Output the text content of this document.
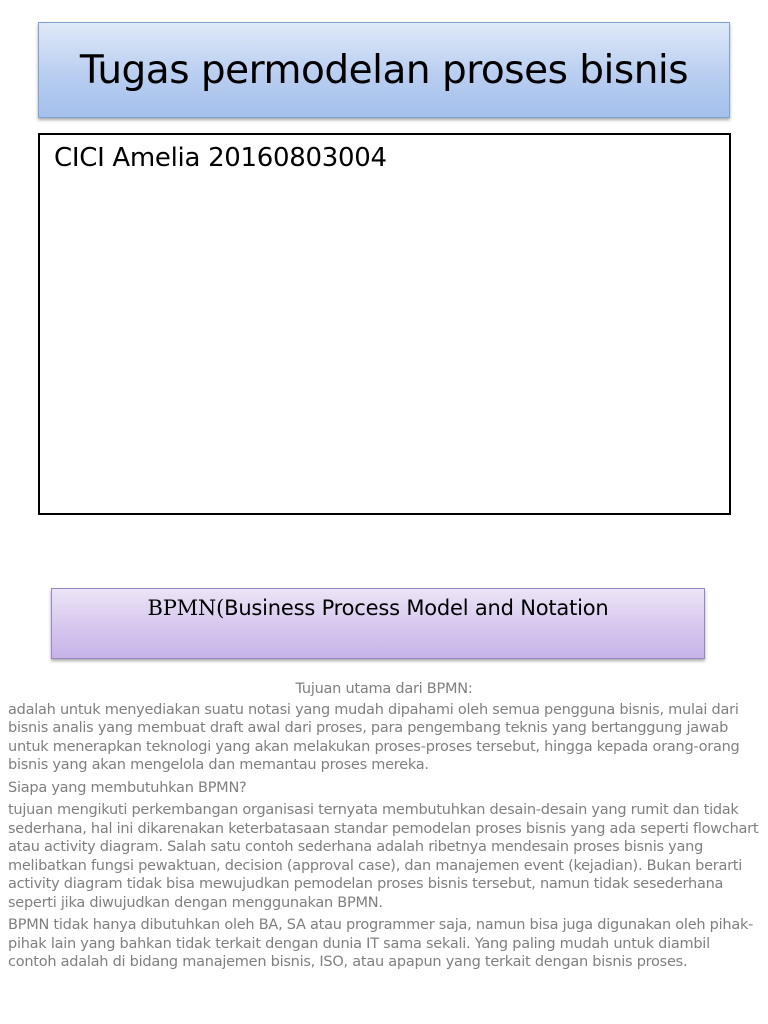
Tugas permodelan proses bisnis
CICI Amelia 20160803004
BPMN(Business Process Model and Notation

Tujuan utama dari BPMN:

adalah untuk menyediakan suatu notasi yang mudah dipahami oleh semua pengguna bisnis, mulai dari bisnis analis yang membuat draft awal dari proses, para pengembang teknis yang bertanggung jawab untuk menerapkan teknologi yang akan melakukan proses-proses tersebut, hingga kepada orang-orang bisnis yang akan mengelola dan memantau proses mereka.

Siapa yang membutuhkan BPMN?

tujuan mengikuti perkembangan organisasi ternyata membutuhkan desain-desain yang rumit dan tidak sederhana, hal ini dikarenakan keterbatasaan standar pemodelan proses bisnis yang ada seperti flowchart atau activity diagram. Salah satu contoh sederhana adalah ribetnya mendesain proses bisnis yang melibatkan fungsi pewaktuan, decision (approval case), dan manajemen event (kejadian). Bukan berarti activity diagram tidak bisa mewujudkan pemodelan proses bisnis tersebut, namun tidak sesederhana seperti jika diwujudkan dengan menggunakan BPMN.

BPMN tidak hanya dibutuhkan oleh BA, SA atau programmer saja, namun bisa juga digunakan oleh pihak-pihak lain yang bahkan tidak terkait dengan dunia IT sama sekali. Yang paling mudah untuk diambil contoh adalah di bidang manajemen bisnis, ISO, atau apapun yang terkait dengan bisnis proses.
